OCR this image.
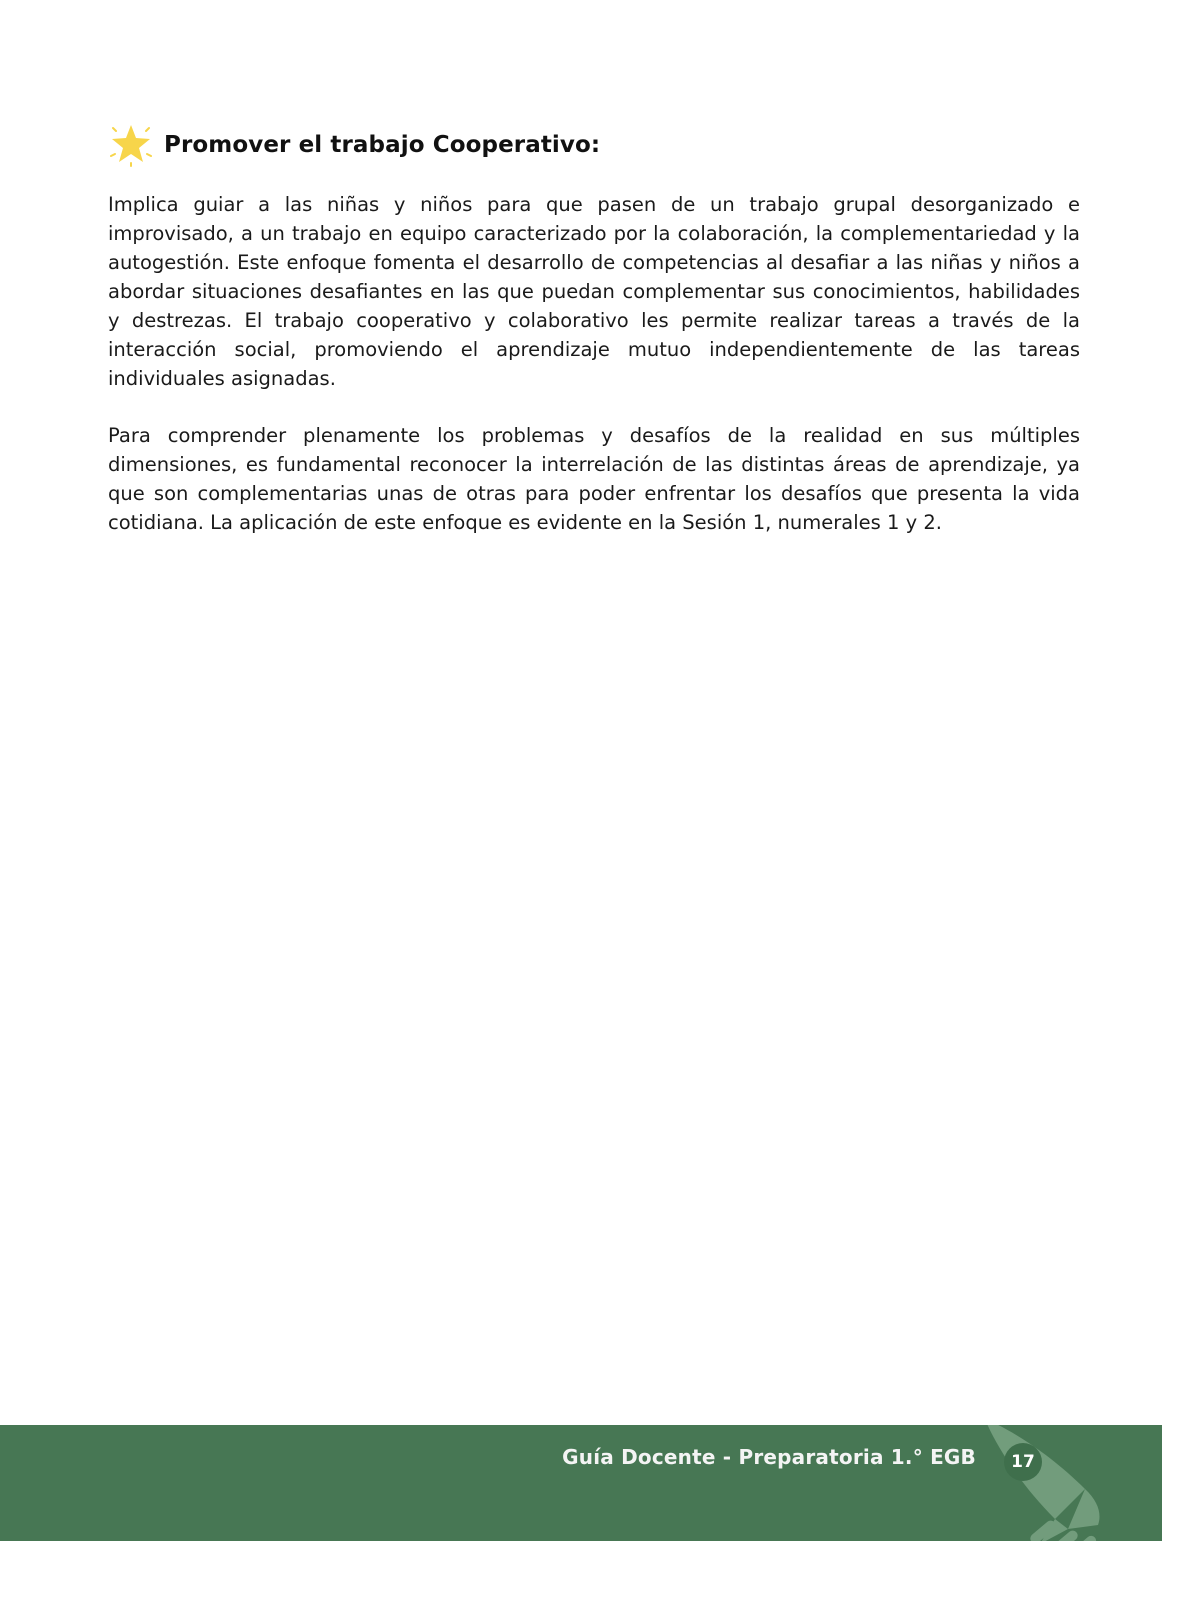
Promover el trabajo Cooperativo:

Implica guiar a las niñas y niños para que pasen de un trabajo grupal desorganizado e improvisado, a un trabajo en equipo caracterizado por la colaboración, la complementariedad y la autogestión. Este enfoque fomenta el desarrollo de competencias al desafiar a las niñas y niños a abordar situaciones desafiantes en las que puedan complementar sus conocimientos, habilidades y destrezas. El trabajo cooperativo y colaborativo les permite realizar tareas a través de la interacción social, promoviendo el aprendizaje mutuo independientemente de las tareas individuales asignadas.

Para comprender plenamente los problemas y desafíos de la realidad en sus múltiples dimensiones, es fundamental reconocer la interrelación de las distintas áreas de aprendizaje, ya que son complementarias unas de otras para poder enfrentar los desafíos que presenta la vida cotidiana. La aplicación de este enfoque es evidente en la Sesión 1, numerales 1 y 2.

Guía Docente - Preparatoria 1.° EGB	17
